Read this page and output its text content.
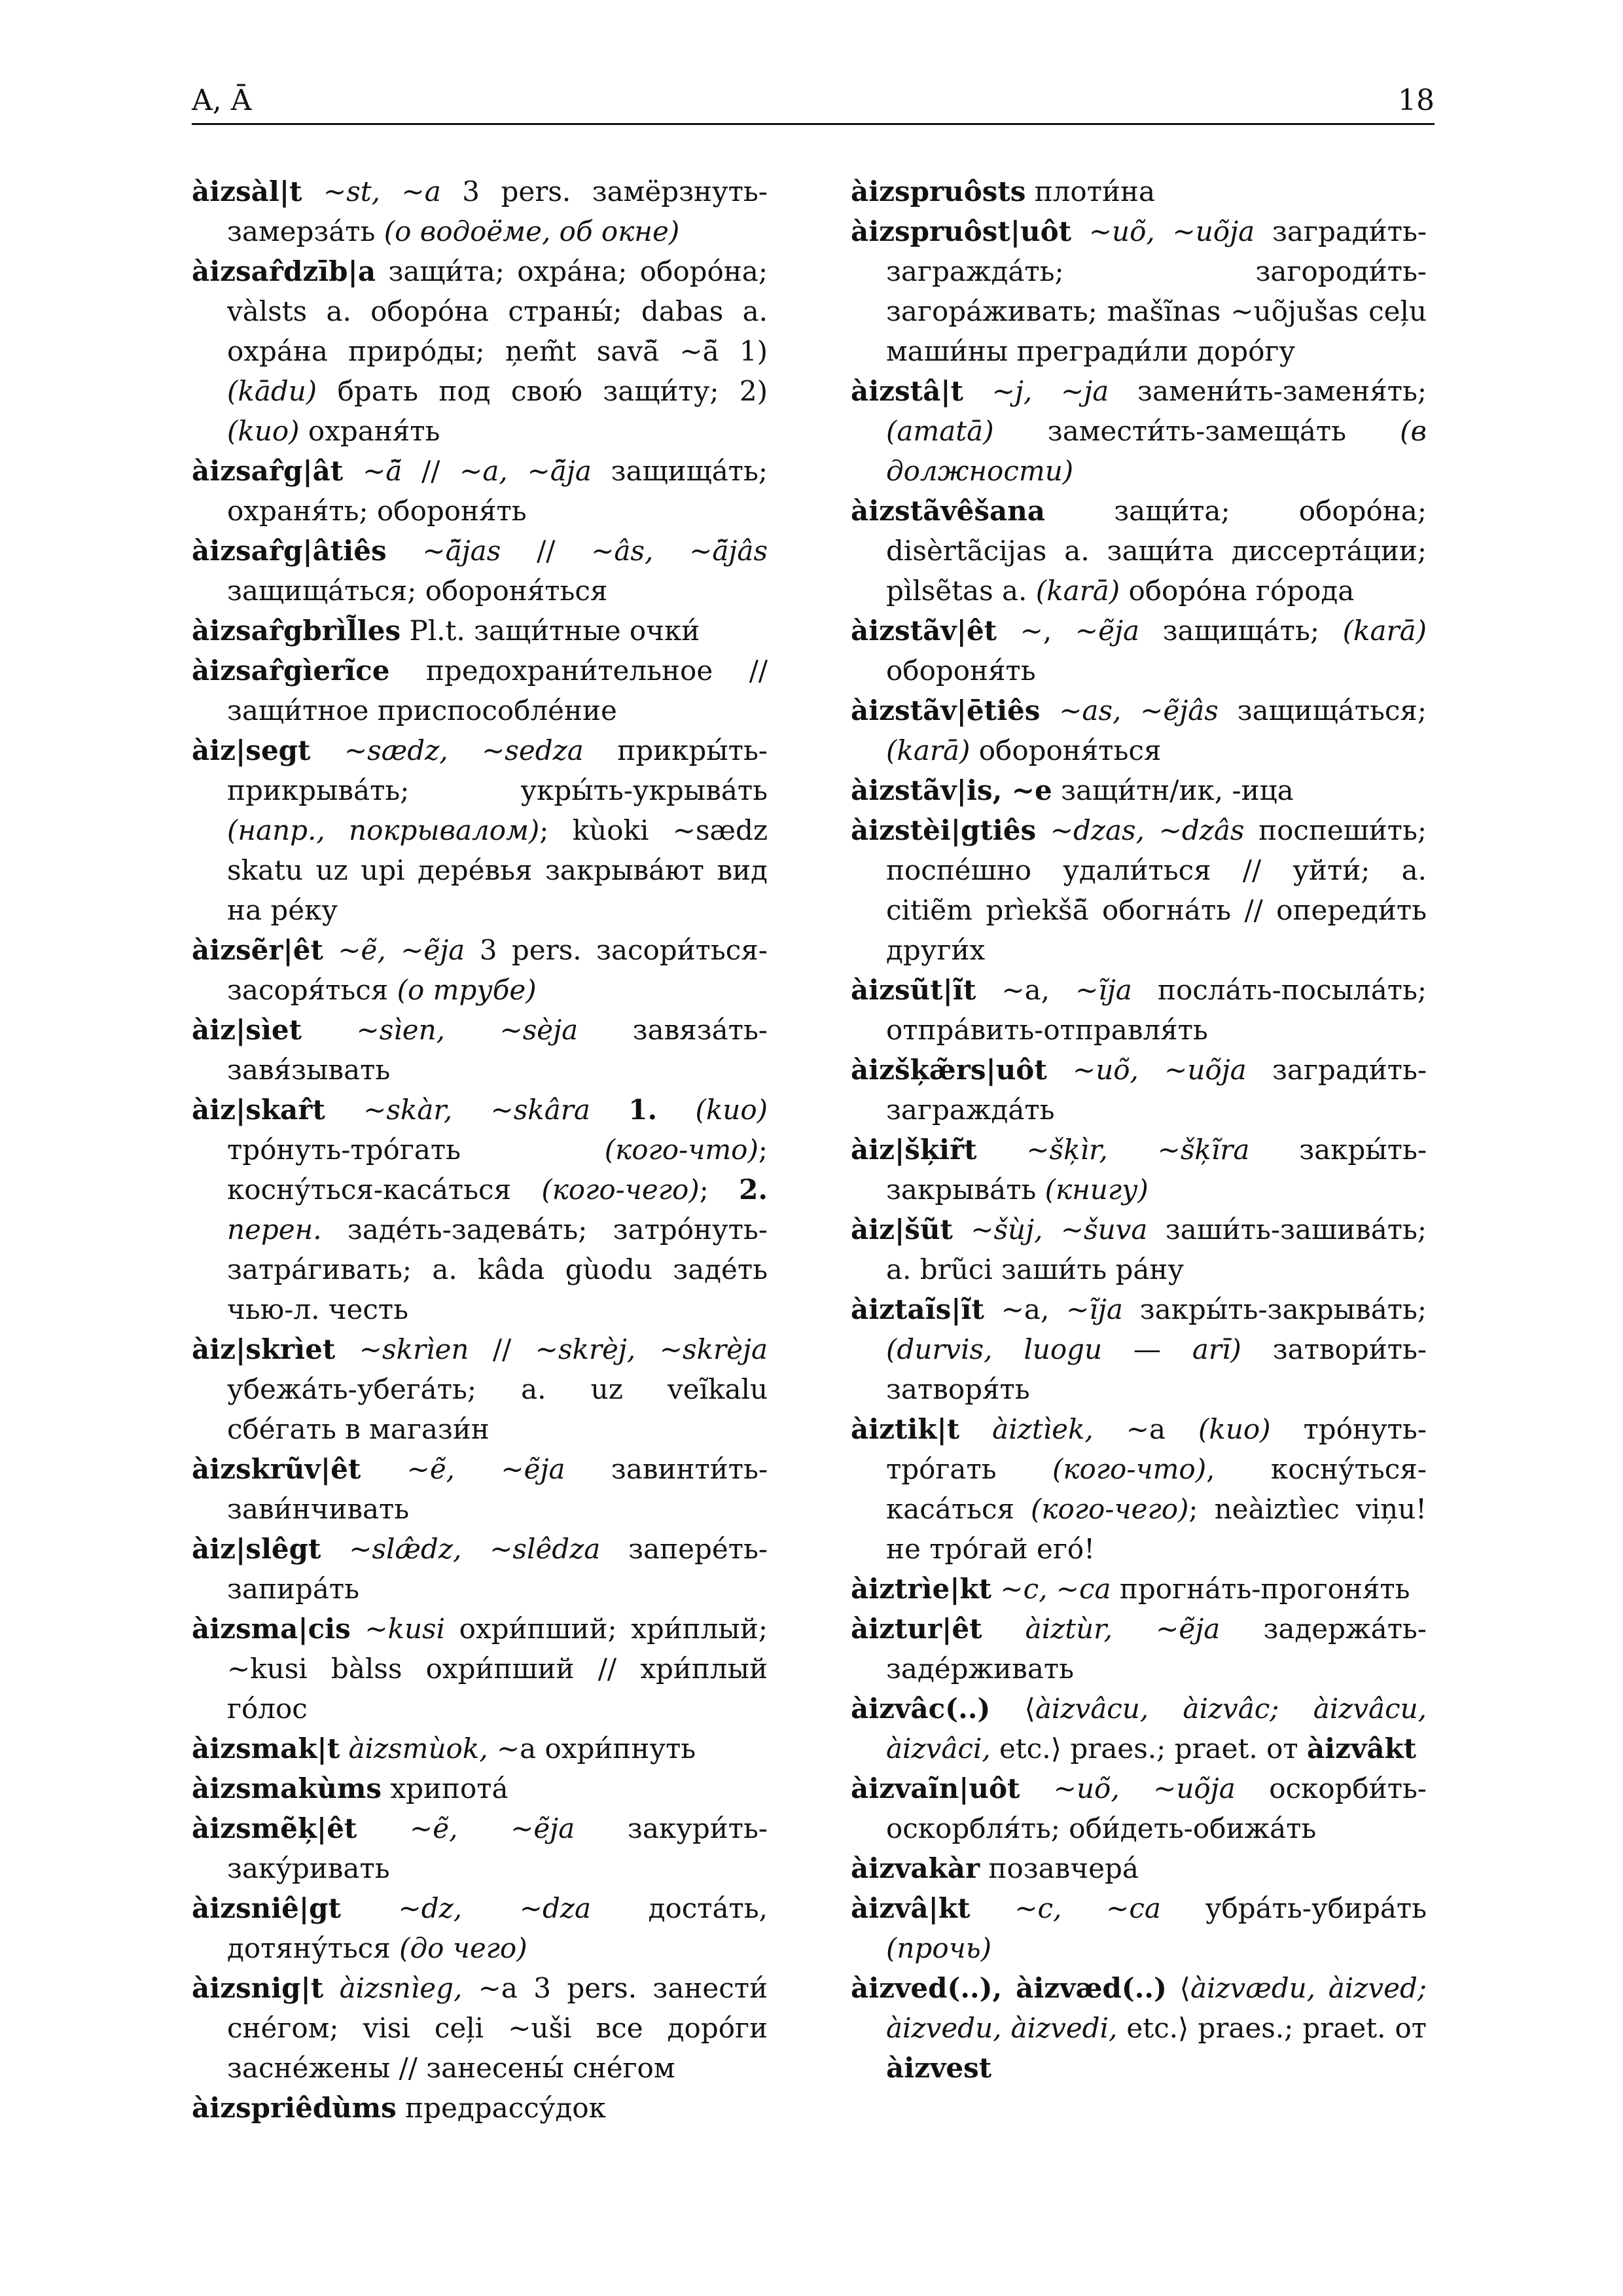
A, Ā	18

àizsàl|t ~st, ~a 3 pers. замёрзнуть-замерза́ть (о водоёме, об окне)

àizsar̂dzīb|a защи́та; охра́на; оборо́на; vàlsts a. оборо́на страны́; dabas a. охра́на приро́ды; ņem̃t savā̃ ~ā̃ 1) (kādu) брать под свою́ защи́ту; 2) (kuo) охраня́ть

àizsar̂g|ât ~ā̃ // ~a, ~ā̃ja защища́ть; охраня́ть; обороня́ть

àizsar̂g|âtiês ~ā̃jas // ~âs, ~ā̃jâs защища́ться; обороня́ться

àizsar̂gbrìl̃les Pl.t. защи́тные очки́

àizsar̂gìerĩce предохрани́тельное // защи́тное приспособле́ние

àiz|segt ~sædz, ~sedza прикры́ть-прикрыва́ть; укры́ть-укрыва́ть (напр., покрывалом); kùoki ~sædz skatu uz upi дере́вья закрыва́ют вид на ре́ку

àizsẽr|êt ~ẽ, ~ẽja 3 pers. засори́ться-засоря́ться (о трубе)

àiz|sìet ~sìen, ~sèja завяза́ть-завя́зывать

àiz|skar̂t ~skàr, ~skâra 1. (kuo) тро́нуть-тро́гать (кого-что); косну́ться-каса́ться (кого-чего); 2. перен. заде́ть-задева́ть; затро́нуть-затра́гивать; a. kâda gùodu заде́ть чью-л. честь

àiz|skrìet ~skrìen // ~skrèj, ~skrèja убежа́ть-убега́ть; a. uz veĩkalu сбе́гать в магази́н

àizskrũv|êt ~ẽ, ~ẽja завинти́ть-зави́нчивать

àiz|slêgt ~slæ̂dz, ~slêdza запере́ть-запира́ть

àizsma|cis ~kusi охри́пший; хри́плый; ~kusi bàlss охри́пший // хри́плый го́лос

àizsmak|t àizsmùok, ~a охри́пнуть

àizsmakùms хрипота́

àizsmẽķ|êt ~ẽ, ~ẽja закури́ть-заку́ривать

àizsniê|gt ~dz, ~dza доста́ть, дотяну́ться (до чего)

àizsnig|t àizsnìeg, ~a 3 pers. занести́ сне́гом; visi ceļi ~uši все доро́ги засне́жены // занесены́ сне́гом

àizspriêdùms предрассу́док

àizspruôsts плоти́на

àizspruôst|uôt ~uõ, ~uõja загради́ть-загражда́ть; загороди́ть-загора́живать; mašĩnas ~uõjušas ceļu маши́ны прегради́ли доро́гу

àizstâ|t ~j, ~ja замени́ть-заменя́ть; (amatā) замести́ть-замеща́ть (в должности)

àizstãvêšana защи́та; оборо́на; disèrtãcijas a. защи́та диссерта́ции; pìlsẽtas a. (karā) оборо́на го́рода

àizstãv|êt ~, ~ẽja защища́ть; (karā) обороня́ть

àizstãv|ētiês ~as, ~ẽjâs защища́ться; (karā) обороня́ться

àizstãv|is, ~e защи́тн/ик, -ица

àizstèi|gtiês ~dzas, ~dzâs поспеши́ть; поспе́шно удали́ться // уйти́; a. citiẽm prìekšā̃ обогна́ть // опереди́ть други́х

àizsũt|ĩt ~a, ~ĩja посла́ть-посыла́ть; отпра́вить-отправля́ть

àizšķæ̃rs|uôt ~uõ, ~uõja загради́ть-загражда́ть

àiz|šķir̃t ~šķìr, ~šķĩra закры́ть-закрыва́ть (книгу)

àiz|šũt ~šùj, ~šuva заши́ть-зашива́ть; a. brũci заши́ть ра́ну

àiztaĩs|ĩt ~a, ~ĩja закры́ть-закрыва́ть; (durvis, luogu — arī) затвори́ть-затворя́ть

àiztik|t àiztìek, ~a (kuo) тро́нуть-тро́гать (кого-что), косну́ться-каса́ться (кого-чего); neàiztìec viņu! не тро́гай его́!

àiztrìe|kt ~c, ~ca прогна́ть-прогоня́ть

àiztur|êt àiztùr, ~ẽja задержа́ть-заде́рживать

àizvâc(..) ⟨àizvâcu, àizvâc; àizvâcu, àizvâci, etc.⟩ praes.; praet. от àizvâkt

àizvaĩn|uôt ~uõ, ~uõja оскорби́ть-оскорбля́ть; оби́деть-обижа́ть

àizvakàr позавчера́

àizvâ|kt ~c, ~ca убра́ть-убира́ть (прочь)

àizved(..), àizvæd(..) ⟨àizvædu, àizved; àizvedu, àizvedi, etc.⟩ praes.; praet. от àizvest
